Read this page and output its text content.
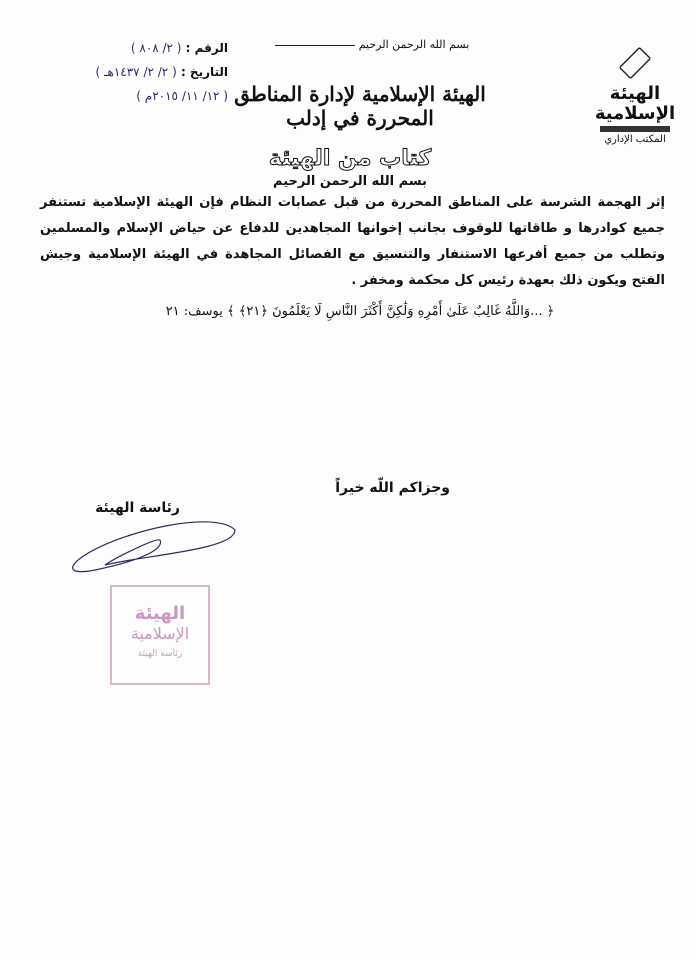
الرقم : ( ٢/ ٨٠٨ )
التاريخ : ( ٢/ ٢/ ١٤٣٧هـ )
( ١٢/ ١١/ ٢٠١٥م )
بسم الله الرحمن الرحيم
الهيئة الإسلامية لإدارة المناطق المحررة في إدلب
الهيئة الإسلامية
المكتب الإداري
كتاب من الهيئة
بسم الله الرحمن الرحيم

إثر الهجمة الشرسة على المناطق المحررة من قبل عصابات النظام فإن الهيئة الإسلامية تستنفر جميع كوادرها و طاقاتها للوقوف بجانب إخوانها المجاهدين للدفاع عن حياض الإسلام والمسلمين وتطلب من جميع أفرعها الاستنفار والتنسيق مع الفصائل المجاهدة في الهيئة الإسلامية وجيش الفتح ويكون ذلك بعهدة رئيس كل محكمة ومخفر .

﴿ ...وَاللَّهُ غَالِبٌ عَلَىٰ أَمْرِهِ وَلَٰكِنَّ أَكْثَرَ النَّاسِ لَا يَعْلَمُونَ ﴿٢١﴾ ﴾ يوسف: ٢١
وجزاكم اللّه خيراً
رئاسة الهيئة
الهيئة
الإسلامية
رئاسة الهيئة
